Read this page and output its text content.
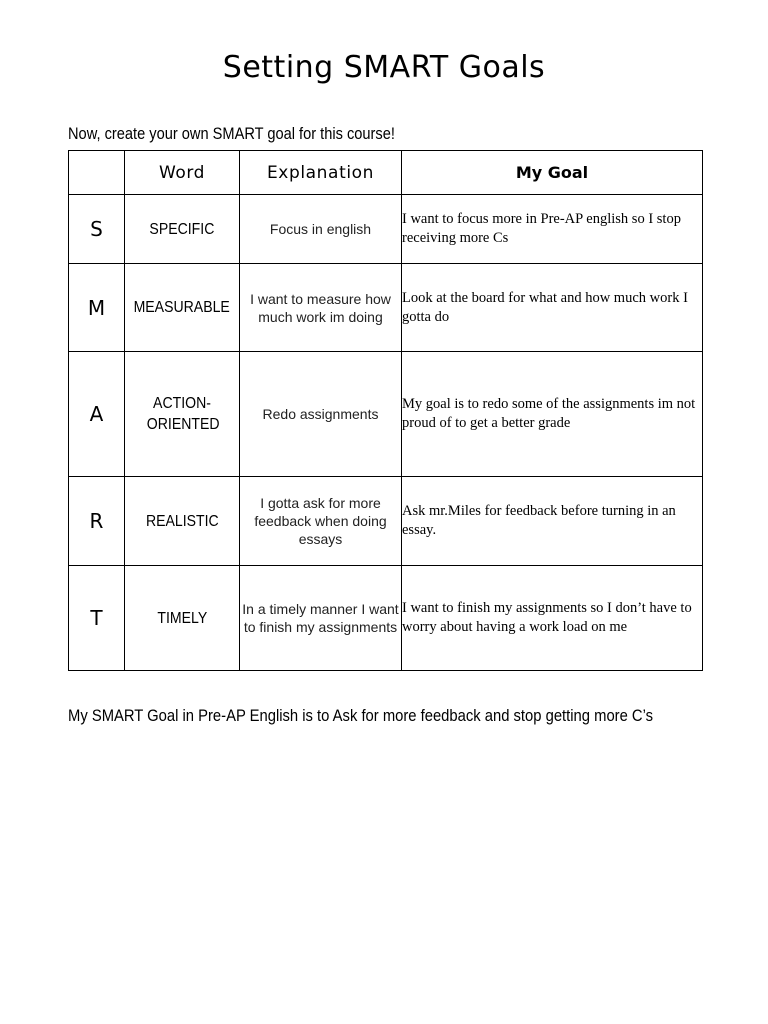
Setting SMART Goals
Now, create your own SMART goal for this course!
	Word	Explanation	My Goal
S	SPECIFIC	Focus in english	I want to focus more in Pre-AP english so I stop receiving more Cs
M	MEASURABLE	I want to measure how much work im doing	Look at the board for what and how much work I gotta do
A	ACTION-ORIENTED	Redo assignments	My goal is to redo some of the assignments im not proud of to get a better grade
R	REALISTIC	I gotta ask for more feedback when doing essays	Ask mr.Miles for feedback before turning in an essay.
T	TIMELY	In a timely manner I want to finish my assignments	I want to finish my assignments so I don’t have to worry about having a work load on me
My SMART Goal in Pre-AP English is to Ask for more feedback and stop getting more C’s
